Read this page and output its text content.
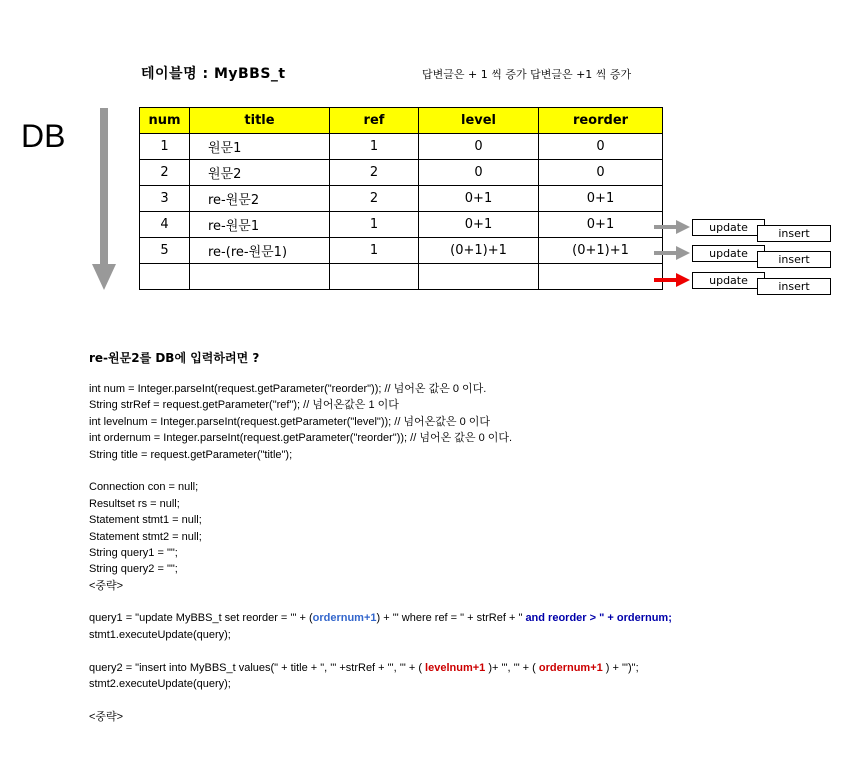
테이블명 : MyBBS_t	답변글은 + 1 씩 증가 답변글은 +1 씩 증가
DB	num	title	ref	level	reorder
1	원문1	1	0	0
2	원문2	2	0	0
3	re-원문2	2	0+1	0+1
4	re-원문1	1	0+1	0+1
5	re-(re-원문1)	1	(0+1)+1	(0+1)+1

update	insert
update	insert
update	insert
re-원문2를 DB에 입력하려면 ?
int num = Integer.parseInt(request.getParameter("reorder")); // 넘어온 값은 0 이다.
String strRef = request.getParameter("ref"); // 넘어온값은 1 이다
int levelnum = Integer.parseInt(request.getParameter("level")); // 넘어온값은 0 이다
int ordernum = Integer.parseInt(request.getParameter("reorder")); // 넘어온 값은 0 이다.
String title = request.getParameter("title");
Connection con = null;
Resultset rs = null;
Statement stmt1 = null;
Statement stmt2 = null;
String query1 = "";
String query2 = "";
<중략>
query1 = "update MyBBS_t set reorder = '" + (ordernum+1) + "' where ref = " + strRef + " and reorder > " + ordernum;
stmt1.executeUpdate(query);
query2 = "insert into MyBBS_t values(" + title + ", '" +strRef + "', '" + ( levelnum+1 )+ "', '" + ( ordernum+1 ) + "')";
stmt2.executeUpdate(query);
<중략>
